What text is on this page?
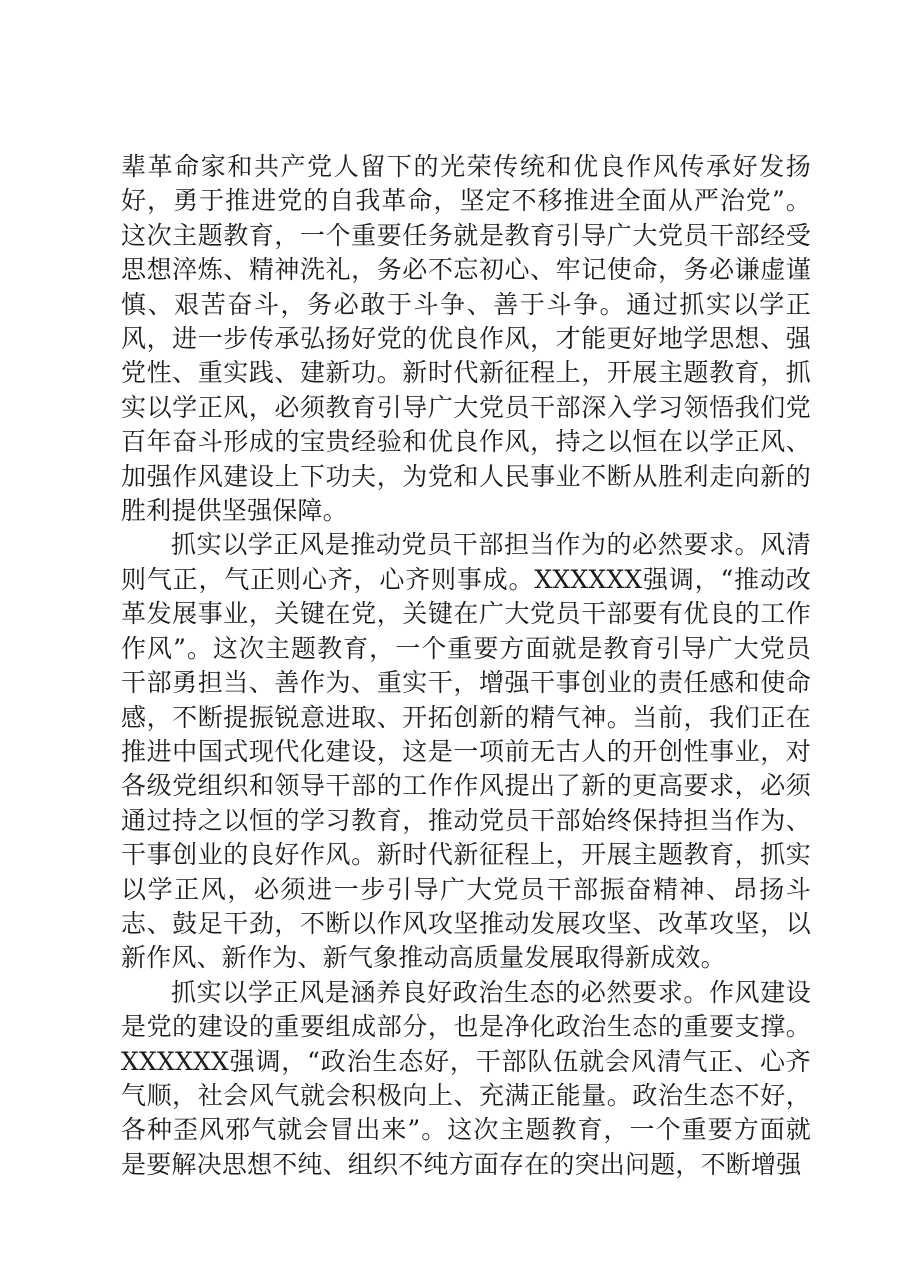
辈革命家和共产党人留下的光荣传统和优良作风传承好发扬好，勇于推进党的自我革命，坚定不移推进全面从严治党”。这次主题教育，一个重要任务就是教育引导广大党员干部经受思想淬炼、精神洗礼，务必不忘初心、牢记使命，务必谦虚谨慎、艰苦奋斗，务必敢于斗争、善于斗争。通过抓实以学正风，进一步传承弘扬好党的优良作风，才能更好地学思想、强党性、重实践、建新功。新时代新征程上，开展主题教育，抓实以学正风，必须教育引导广大党员干部深入学习领悟我们党百年奋斗形成的宝贵经验和优良作风，持之以恒在以学正风、加强作风建设上下功夫，为党和人民事业不断从胜利走向新的胜利提供坚强保障。

抓实以学正风是推动党员干部担当作为的必然要求。风清则气正，气正则心齐，心齐则事成。XXXXXX强调，“推动改革发展事业，关键在党，关键在广大党员干部要有优良的工作作风”。这次主题教育，一个重要方面就是教育引导广大党员干部勇担当、善作为、重实干，增强干事创业的责任感和使命感，不断提振锐意进取、开拓创新的精气神。当前，我们正在推进中国式现代化建设，这是一项前无古人的开创性事业，对各级党组织和领导干部的工作作风提出了新的更高要求，必须通过持之以恒的学习教育，推动党员干部始终保持担当作为、干事创业的良好作风。新时代新征程上，开展主题教育，抓实以学正风，必须进一步引导广大党员干部振奋精神、昂扬斗志、鼓足干劲，不断以作风攻坚推动发展攻坚、改革攻坚，以新作风、新作为、新气象推动高质量发展取得新成效。

抓实以学正风是涵养良好政治生态的必然要求。作风建设是党的建设的重要组成部分，也是净化政治生态的重要支撑。XXXXXX强调，“政治生态好，干部队伍就会风清气正、心齐气顺，社会风气就会积极向上、充满正能量。政治生态不好，各种歪风邪气就会冒出来”。这次主题教育，一个重要方面就是要解决思想不纯、组织不纯方面存在的突出问题，不断增强
